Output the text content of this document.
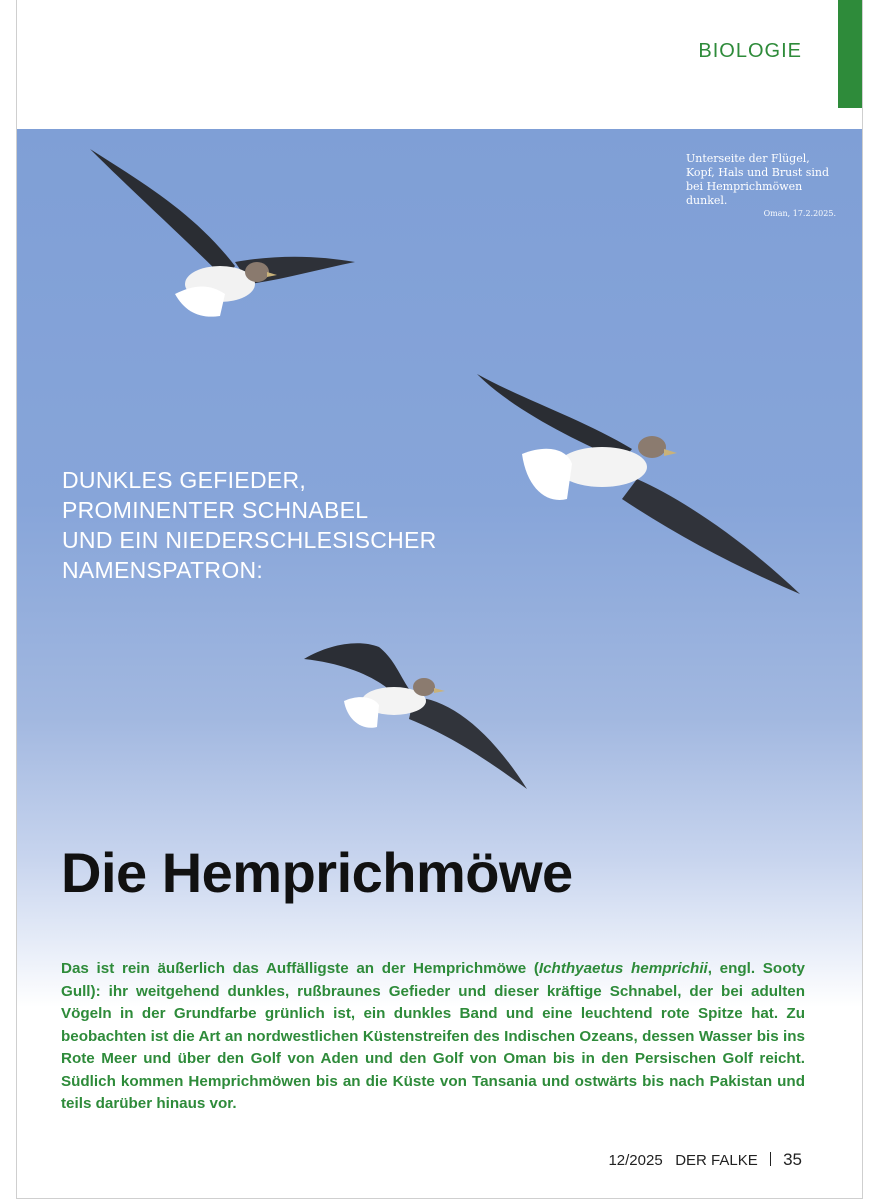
BIOLOGIE
Unterseite der Flügel, Kopf, Hals und Brust sind bei Hemprichmöwen dunkel.
Oman, 17.2.2025.
DUNKLES GEFIEDER,
PROMINENTER SCHNABEL
UND EIN NIEDERSCHLESISCHER
NAMENSPATRON:
Die Hemprichmöwe
Das ist rein äußerlich das Auffälligste an der Hemprichmöwe (Ichthyaetus hemprichii, engl. Sooty Gull): ihr weitgehend dunkles, rußbraunes Gefieder und dieser kräftige Schnabel, der bei adulten Vögeln in der Grundfarbe grünlich ist, ein dunkles Band und eine leuchtend rote Spitze hat. Zu beobachten ist die Art an nordwestlichen Küstenstreifen des Indischen Ozeans, dessen Wasser bis ins Rote Meer und über den Golf von Aden und den Golf von Oman bis in den Persischen Golf reicht. Südlich kommen Hemprichmöwen bis an die Küste von Tansania und ostwärts bis nach Pakistan und teils darüber hinaus vor.
12/2025 DER FALKE 35
